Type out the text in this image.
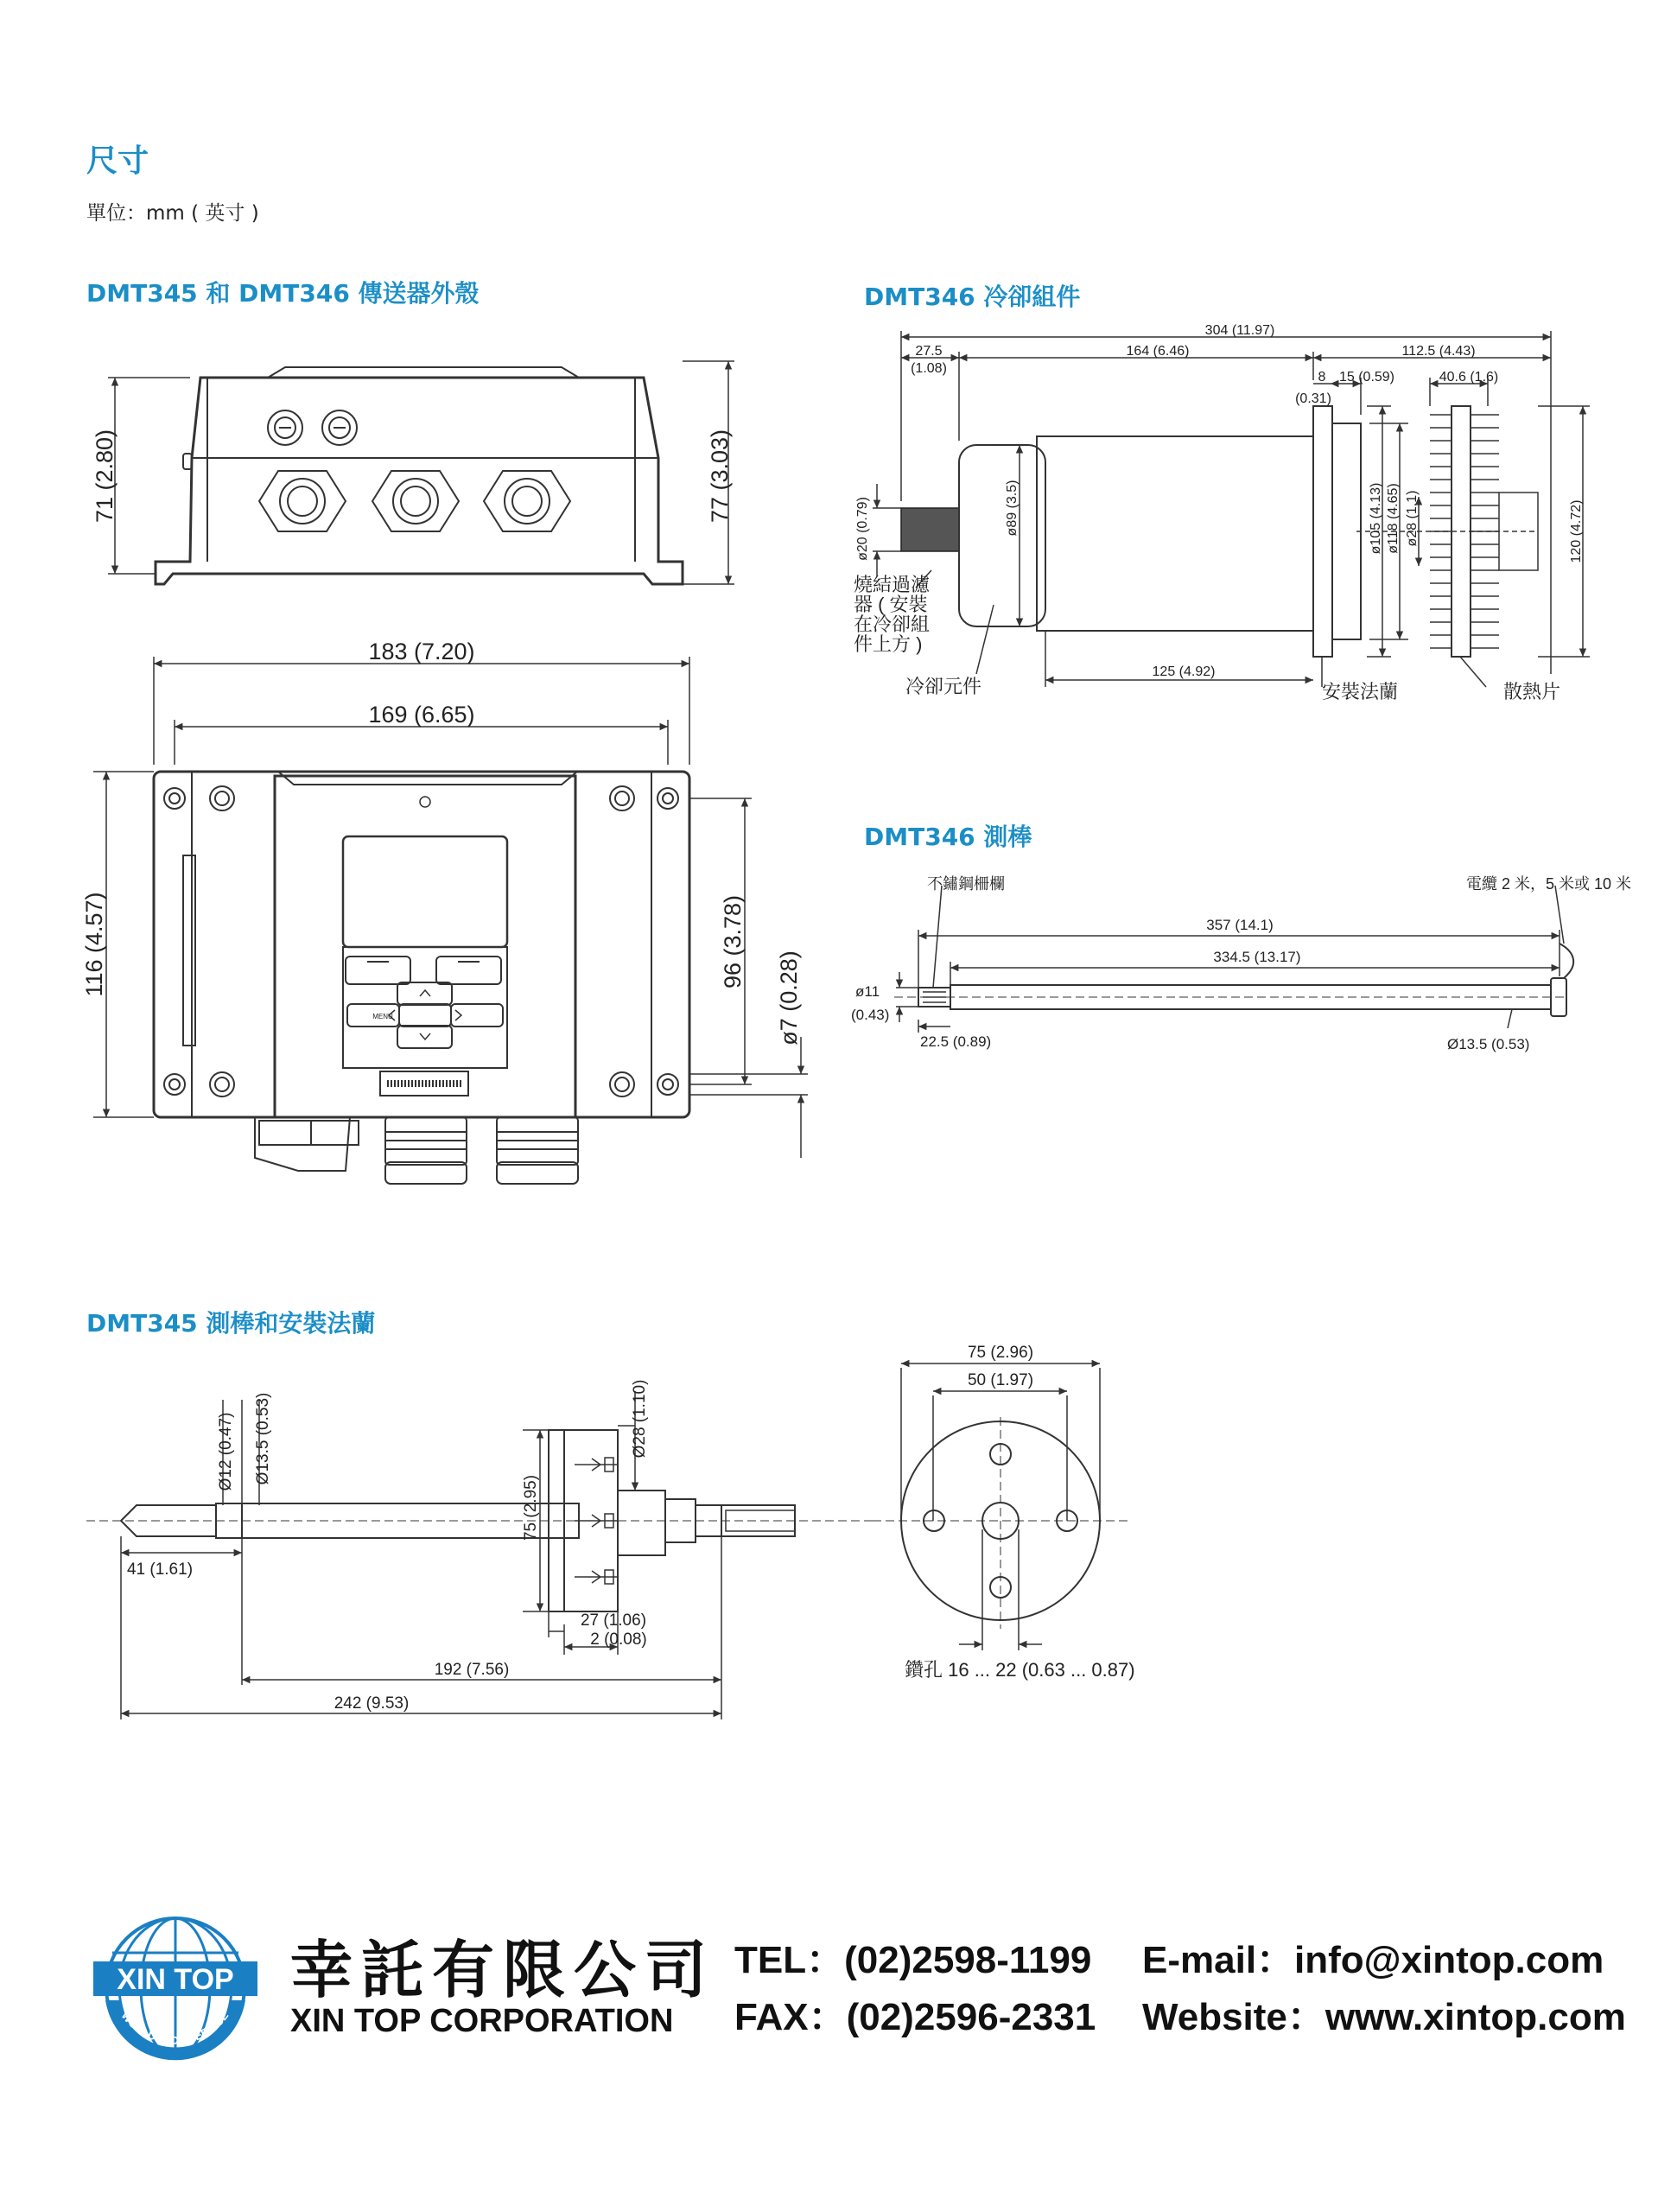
尺寸
單位：mm ( 英寸 )
DMT345 和 DMT346 傳送器外殼	DMT346 冷卻組件
DMT346 測棒
DMT345 測棒和安裝法蘭
71 (2.80)	77 (3.03)
MENU
183 (7.20)
169 (6.65)
116 (4.57)	96 (3.78)
ø7 (0.28)
304 (11.97)
27.5
(1.08)
164 (6.46)	112.5 (4.43)
8 15 (0.59)
(0.31)
40.6 (1.6)
125 (4.92)
ø20 (0.79)	ø89 (3.5)	ø105 (4.13) ø118 (4.65) ø28 (1.1)	120 (4.72)
燒結過濾
器 ( 安裝
在冷卻組
件上方 )
冷卻元件	安裝法蘭	散熱片
357 (14.1)
334.5 (13.17)
ø11
(0.43)
22.5 (0.89)	Ø13.5 (0.53)
不鏽鋼柵欄	電纜 2 米，5 米或 10 米
Ø12 (0.47) Ø13.5 (0.53)	Ø28 (1.10)
75 (2.95)
41 (1.61)
27 (1.06)
2 (0.08)
192 (7.56)
242 (9.53)
75 (2.96)
50 (1.97)
鑽孔 16 ... 22 (0.63 ... 0.87)
XIN TOP
WORLD WIDE SERVICE
幸託有限公司
XIN TOP CORPORATION
TEL：(02)2598-1199
FAX：(02)2596-2331
E-mail：info@xintop.com
Website：www.xintop.com
